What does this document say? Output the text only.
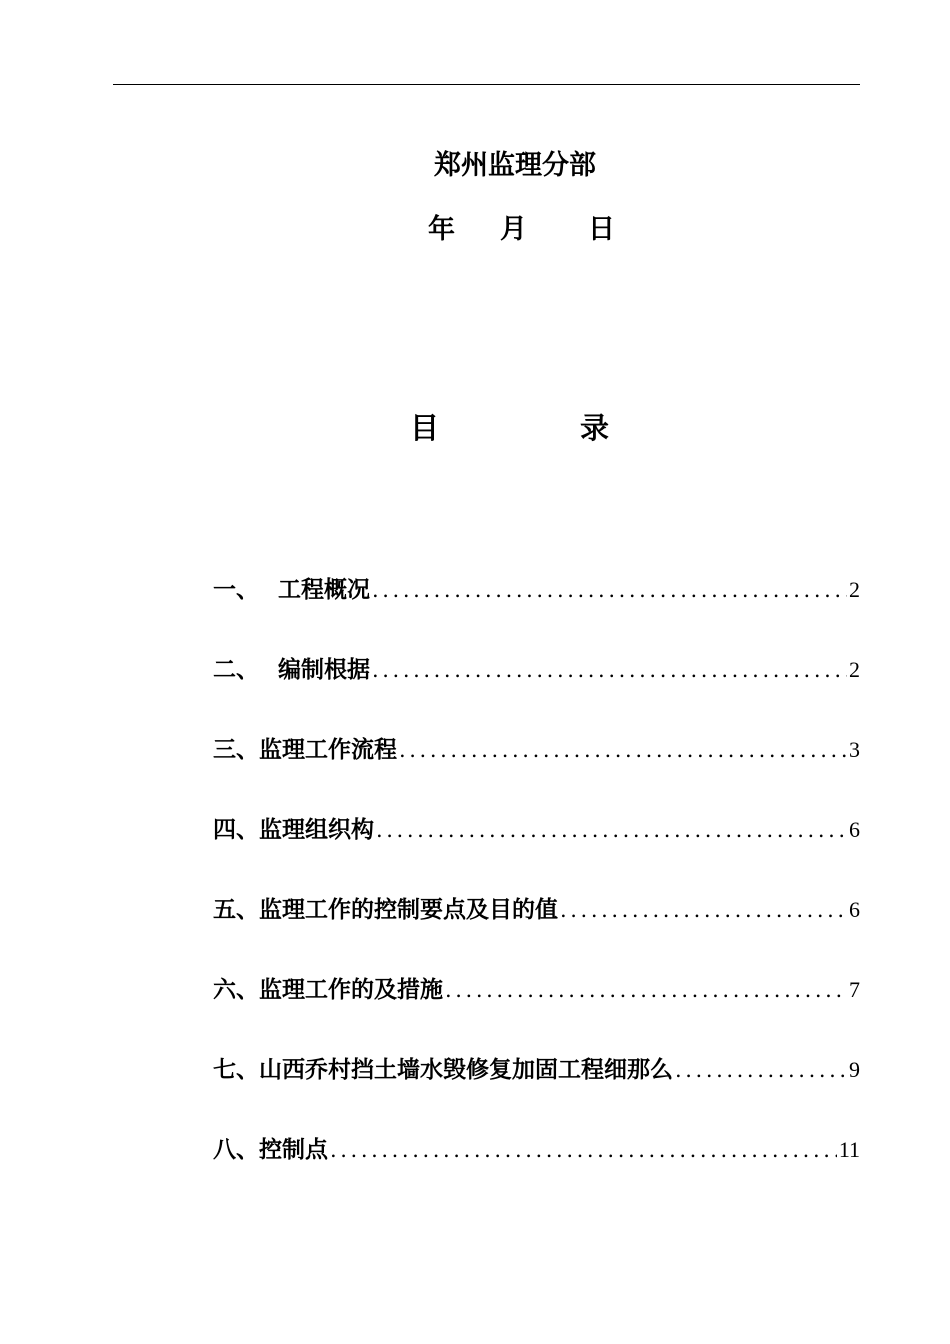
郑州监理分部
年 月 日
目	录
一、 工程概况 .....	2
二、 编制根据 .....	2
三、 监理工作流程 .....	3
四、 监理组织构 .....	6
五、 监理工作的控制要点及目的值 .....	6
六、 监理工作的及措施 .....	7
七、 山西乔村挡土墙水毁修复加固工程细那么 .....	9
八、 控制点 .....	11
